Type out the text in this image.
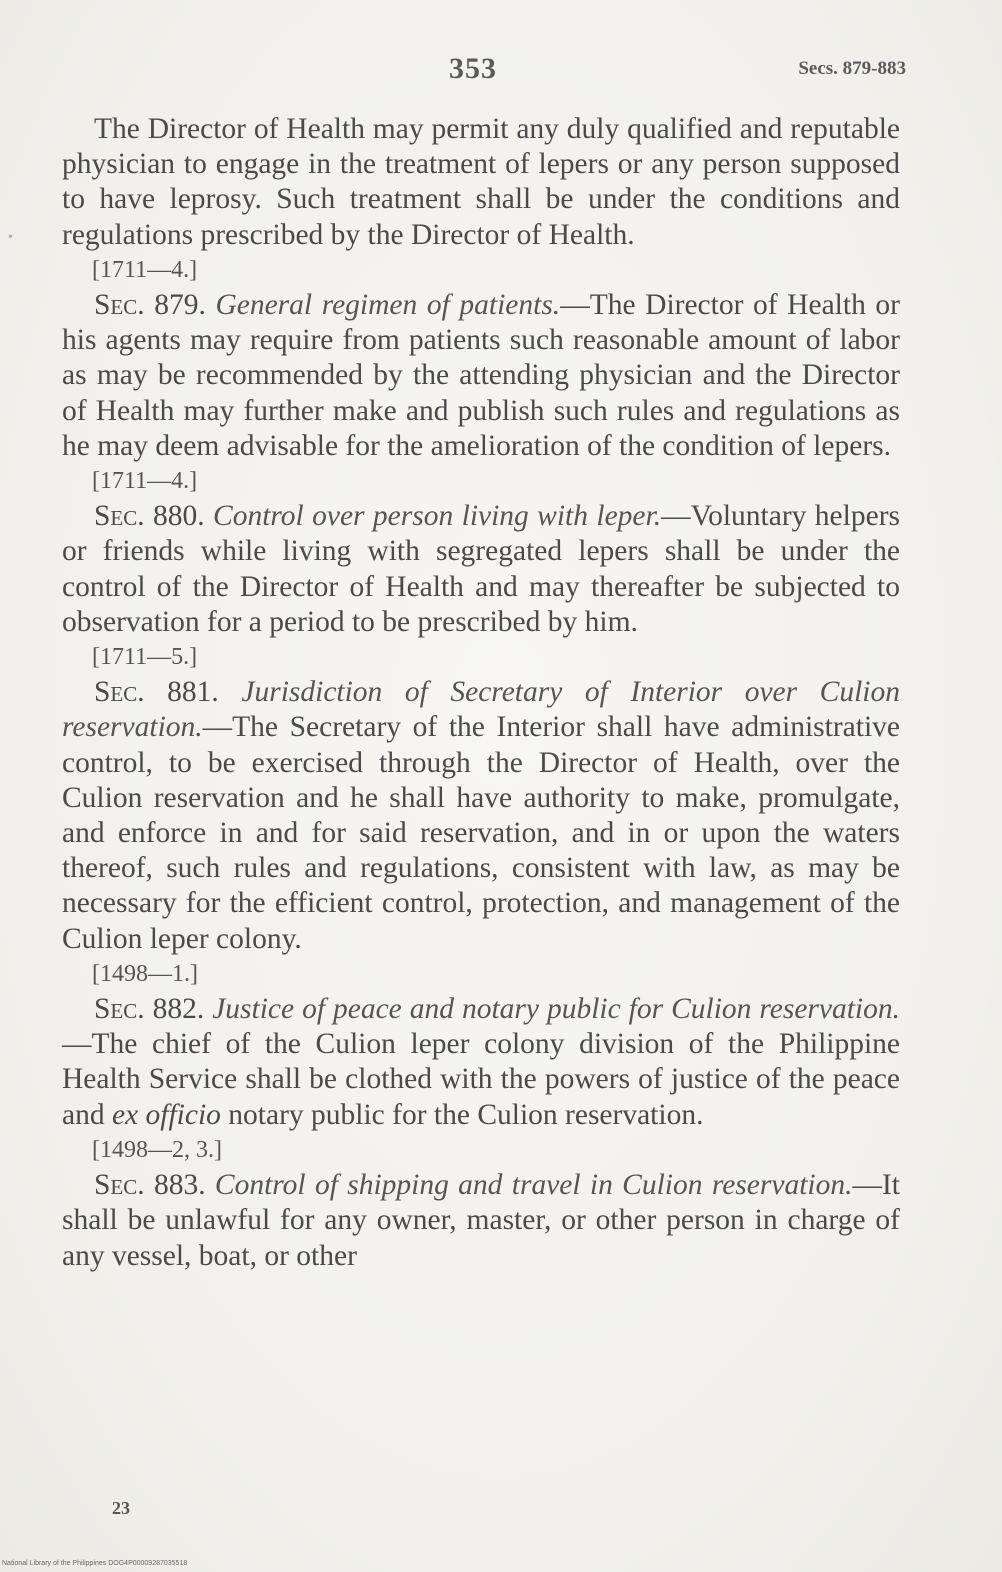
•
353	Secs. 879-883

The Director of Health may permit any duly qualified and reputable physician to engage in the treatment of lepers or any person supposed to have leprosy. Such treatment shall be under the conditions and regulations prescribed by the Director of Health.

[1711—4.]

Sec. 879. General regimen of patients.—The Director of Health or his agents may require from patients such reasonable amount of labor as may be recommended by the attending physician and the Director of Health may further make and publish such rules and regulations as he may deem advisable for the amelioration of the condition of lepers.

[1711—4.]

Sec. 880. Control over person living with leper.—Voluntary helpers or friends while living with segregated lepers shall be under the control of the Director of Health and may thereafter be subjected to observation for a period to be prescribed by him.

[1711—5.]

Sec. 881. Jurisdiction of Secretary of Interior over Culion reservation.—The Secretary of the Interior shall have administrative control, to be exercised through the Director of Health, over the Culion reservation and he shall have authority to make, promulgate, and enforce in and for said reservation, and in or upon the waters thereof, such rules and regulations, consistent with law, as may be necessary for the efficient control, protection, and management of the Culion leper colony.

[1498—1.]

Sec. 882. Justice of peace and notary public for Culion reservation.—The chief of the Culion leper colony division of the Philippine Health Service shall be clothed with the powers of justice of the peace and ex officio notary public for the Culion reservation.

[1498—2, 3.]

Sec. 883. Control of shipping and travel in Culion reservation.—It shall be unlawful for any owner, master, or other person in charge of any vessel, boat, or other

23
National Library of the Philippines DOG4P00009287035518
